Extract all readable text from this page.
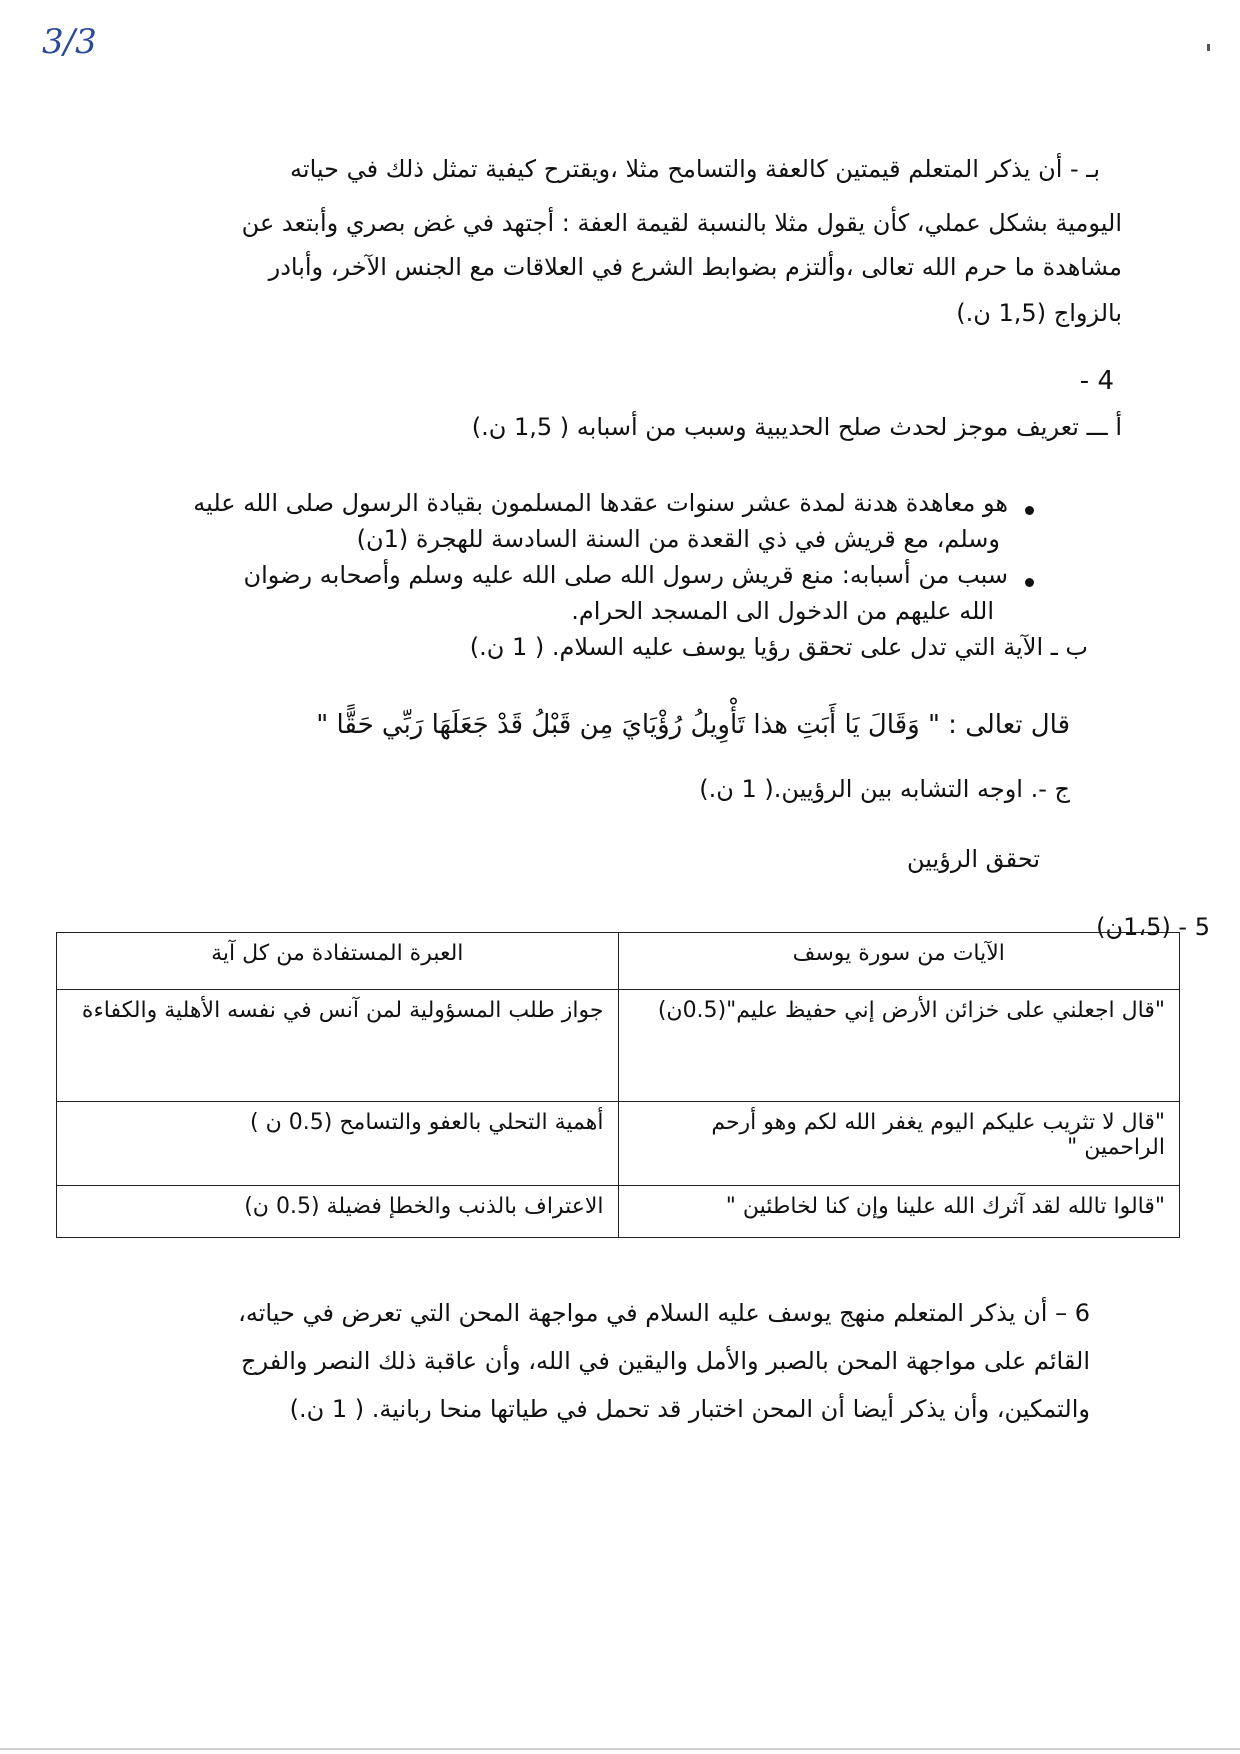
3/3
بـ - أن يذكر المتعلم قيمتين كالعفة والتسامح مثلا ،ويقترح كيفية تمثل ذلك في حياته
اليومية بشكل عملي، كأن يقول مثلا بالنسبة لقيمة العفة : أجتهد في غض بصري وأبتعد عن
مشاهدة ما حرم الله تعالى ،وألتزم بضوابط الشرع في العلاقات مع الجنس الآخر، وأبادر
بالزواج (1,5 ن.)
4 -
أ ـــ تعريف موجز لحدث صلح الحديبية وسبب من أسبابه ( 1,5 ن.)
هو معاهدة هدنة لمدة عشر سنوات عقدها المسلمون بقيادة الرسول صلى الله عليه
وسلم، مع قريش في ذي القعدة من السنة السادسة للهجرة (1ن)
سبب من أسبابه: منع قريش رسول الله صلى الله عليه وسلم وأصحابه رضوان
الله عليهم من الدخول الى المسجد الحرام.
ب ـ الآية التي تدل على تحقق رؤيا يوسف عليه السلام. ( 1 ن.)
قال تعالى : " وَقَالَ يَا أَبَتِ هذا تَأْوِيلُ رُؤْيَايَ مِن قَبْلُ قَدْ جَعَلَهَا رَبِّي حَقًّا "
ج -. اوجه التشابه بين الرؤيين.( 1 ن.)
تحقق الرؤيين
5 - (1،5ن)
الآيات من سورة يوسف	العبرة المستفادة من كل آية
"قال اجعلني على خزائن الأرض إني حفيظ عليم"(0.5ن)	جواز طلب المسؤولية لمن آنس في نفسه الأهلية والكفاءة
"قال لا تثريب عليكم اليوم يغفر الله لكم وهو أرحم الراحمين "	أهمية التحلي بالعفو والتسامح (0.5 ن )
"قالوا تالله لقد آثرك الله علينا وإن كنا لخاطئين "	الاعتراف بالذنب والخطإ فضيلة (0.5 ن)
6 – أن يذكر المتعلم منهج يوسف عليه السلام في مواجهة المحن التي تعرض في حياته،
القائم على مواجهة المحن بالصبر والأمل واليقين في الله، وأن عاقبة ذلك النصر والفرج
والتمكين، وأن يذكر أيضا أن المحن اختبار قد تحمل في طياتها منحا ربانية. ( 1 ن.)
